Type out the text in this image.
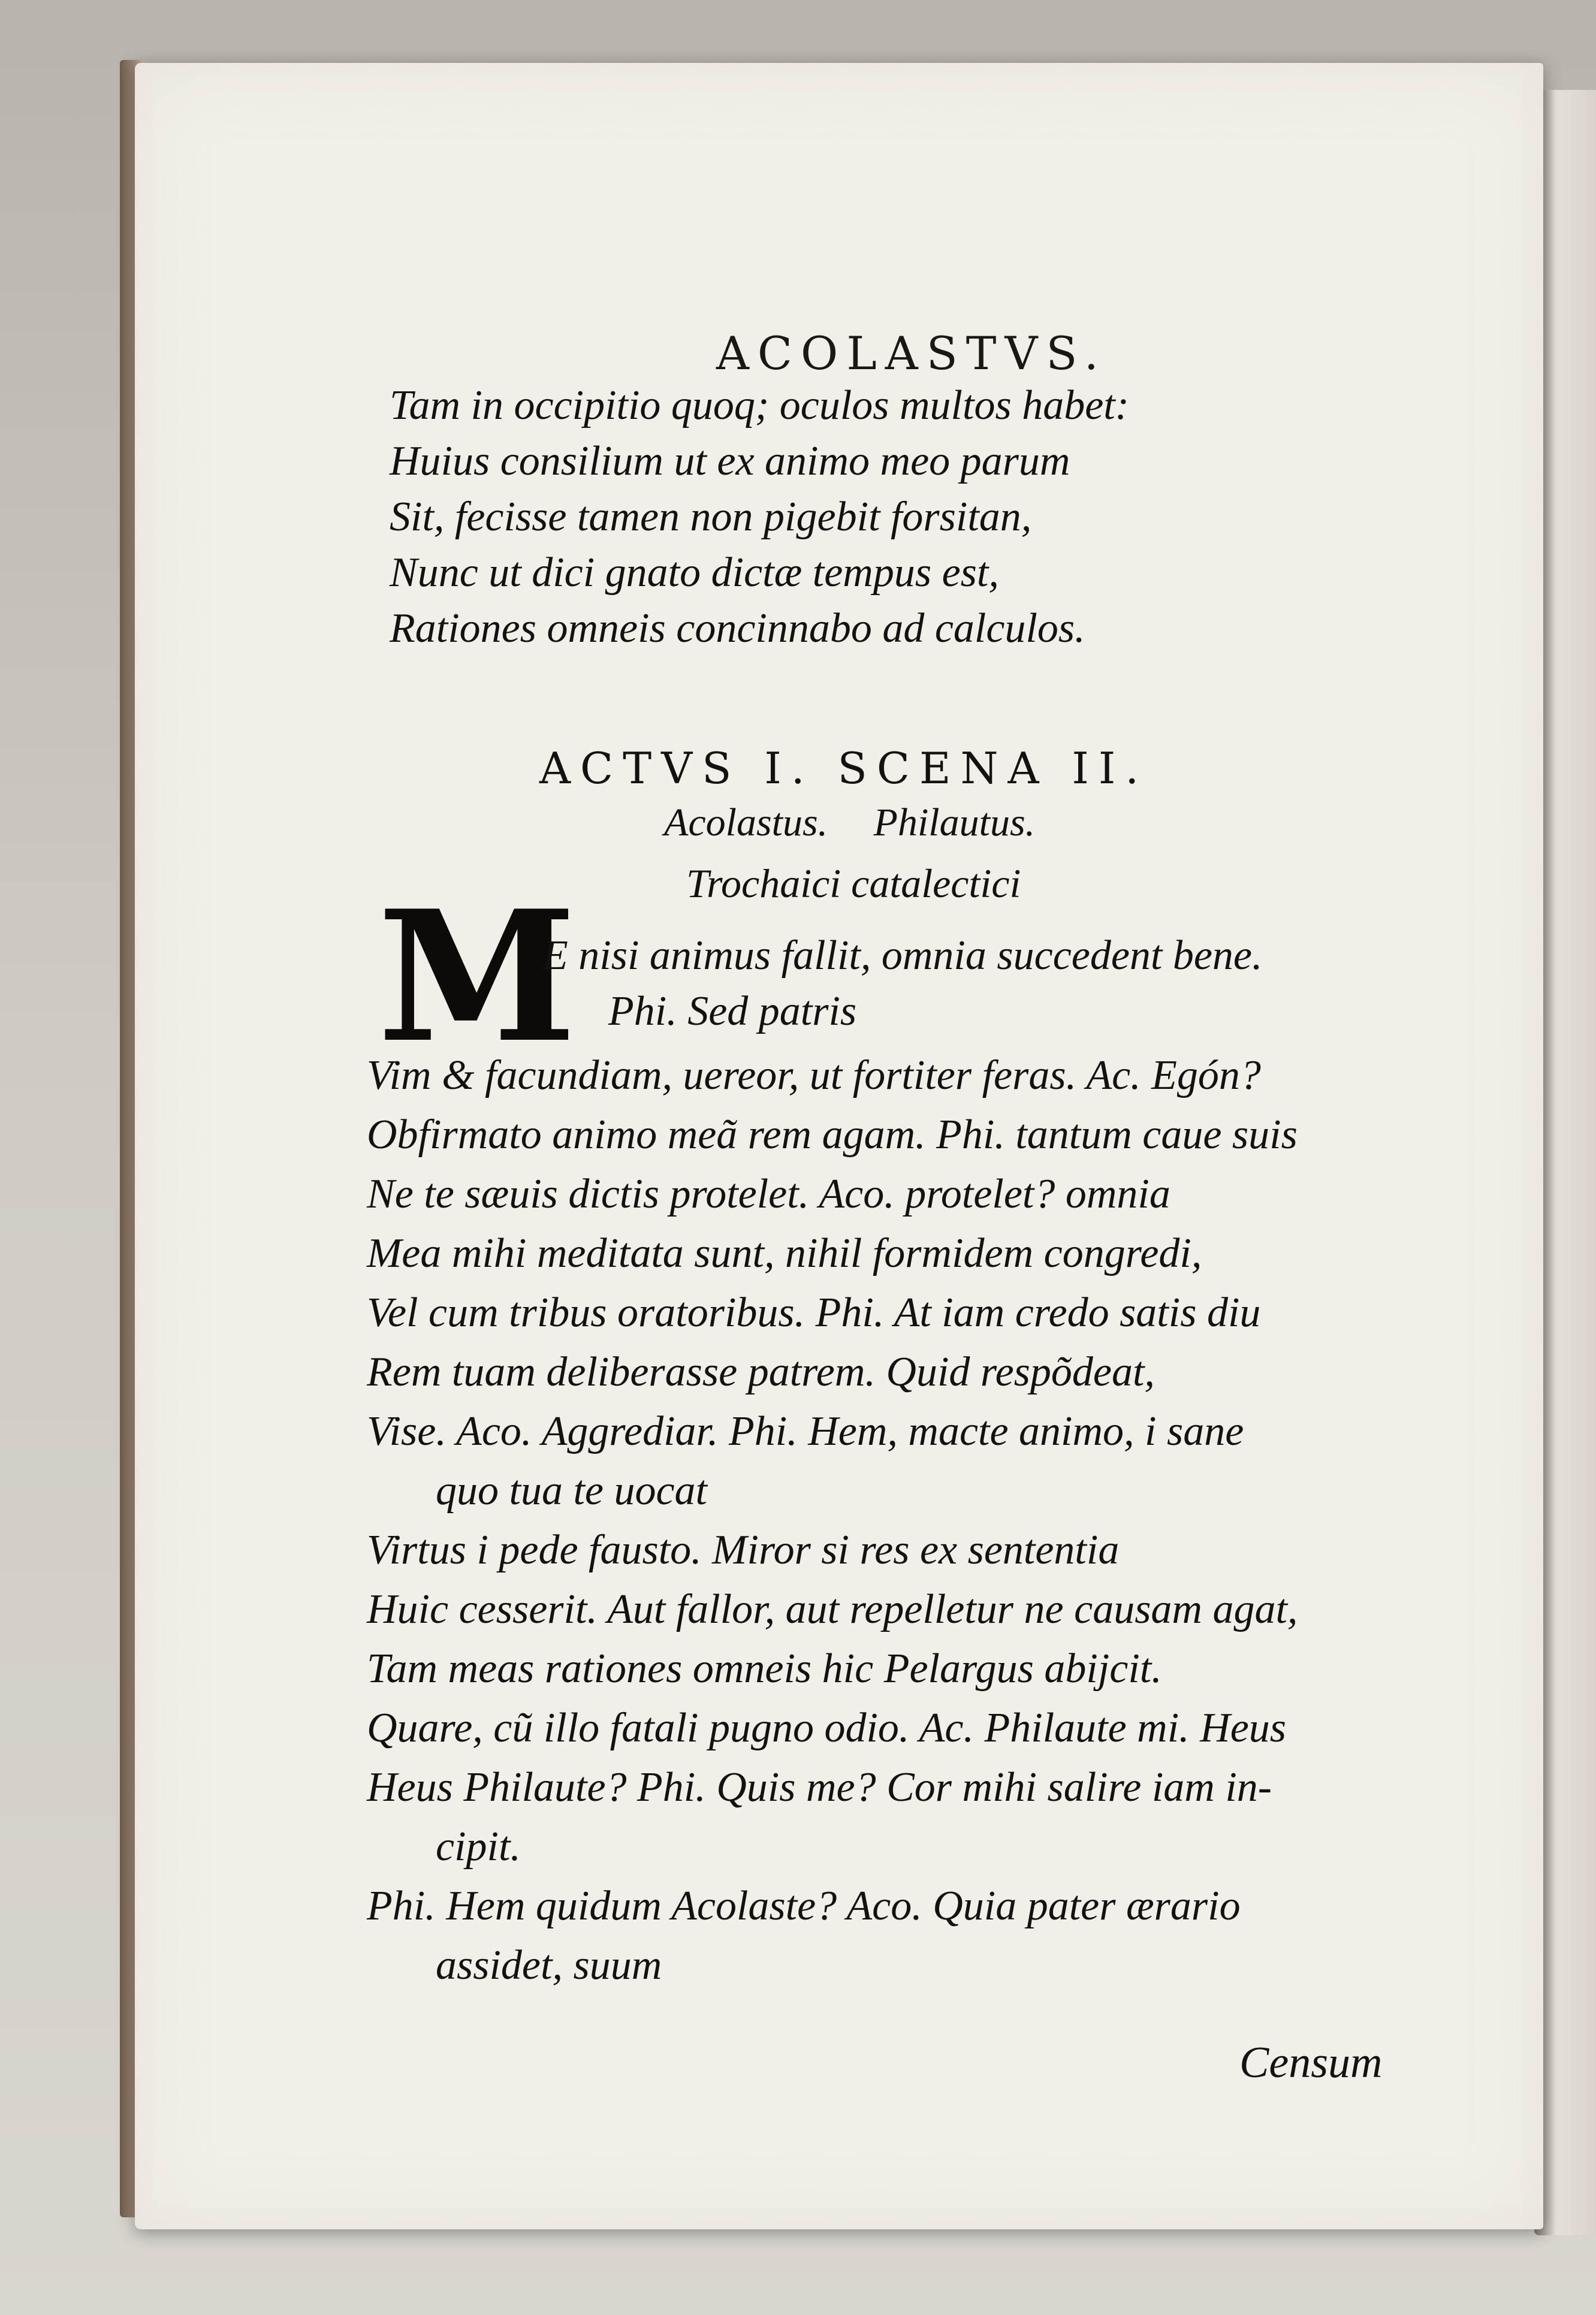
ACOLASTVS.
Tam in occipitio quoq; oculos multos habet:
Huius consilium ut ex animo meo parum
Sit, fecisse tamen non pigebit forsitan,
Nunc ut dici gnato dictæ tempus est,
Rationes omneis concinnabo ad calculos.
ACTVS I. SCENA II.
Acolastus. Philautus.
Trochaici catalectici
M
E nisi animus fallit, omnia succedent bene.
Phi. Sed patris
Vim & facundiam, uereor, ut fortiter feras. Ac. Egón?
Obfirmato animo meã rem agam. Phi. tantum caue suis
Ne te sæuis dictis protelet. Aco. protelet? omnia
Mea mihi meditata sunt, nihil formidem congredi,
Vel cum tribus oratoribus. Phi. At iam credo satis diu
Rem tuam deliberasse patrem. Quid respõdeat,
Vise. Aco. Aggrediar. Phi. Hem, macte animo, i sane
quo tua te uocat
Virtus i pede fausto. Miror si res ex sententia
Huic cesserit. Aut fallor, aut repelletur ne causam agat,
Tam meas rationes omneis hic Pelargus abijcit.
Quare, cũ illo fatali pugno odio. Ac. Philaute mi. Heus
Heus Philaute? Phi. Quis me? Cor mihi salire iam in-
cipit.
Phi. Hem quidum Acolaste? Aco. Quia pater ærario
assidet, suum
Censum
